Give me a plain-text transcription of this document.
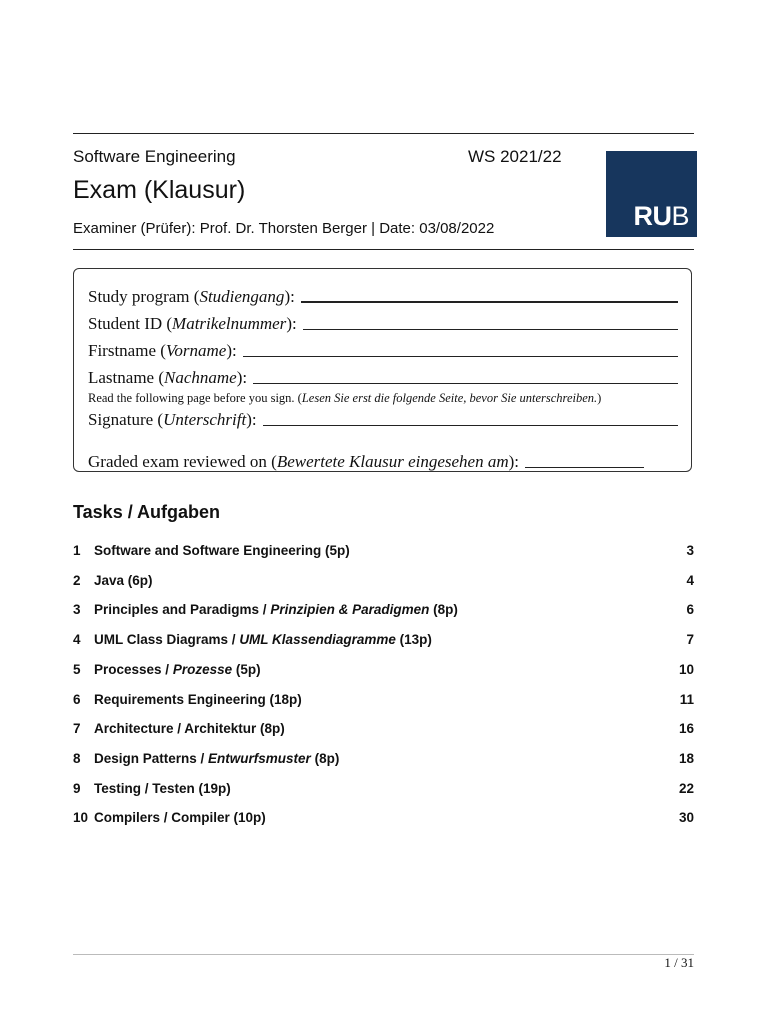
Software Engineering	WS 2021/22
Exam (Klausur)
Examiner (Prüfer): Prof. Dr. Thorsten Berger | Date: 03/08/2022	RUB
Study program (Studiengang):
Student ID (Matrikelnummer):
Firstname (Vorname):
Lastname (Nachname):
Read the following page before you sign. (Lesen Sie erst die folgende Seite, bevor Sie unterschreiben.)
Signature (Unterschrift):
Graded exam reviewed on (Bewertete Klausur eingesehen am):
Tasks / Aufgaben
1 Software and Software Engineering (5p)	3
2 Java (6p)	4
3 Principles and Paradigms / Prinzipien & Paradigmen (8p)	6
4 UML Class Diagrams / UML Klassendiagramme (13p)	7
5 Processes / Prozesse (5p)	10
6 Requirements Engineering (18p)	11
7 Architecture / Architektur (8p)	16
8 Design Patterns / Entwurfsmuster (8p)	18
9 Testing / Testen (19p)	22
10 Compilers / Compiler (10p)	30
1 / 31
